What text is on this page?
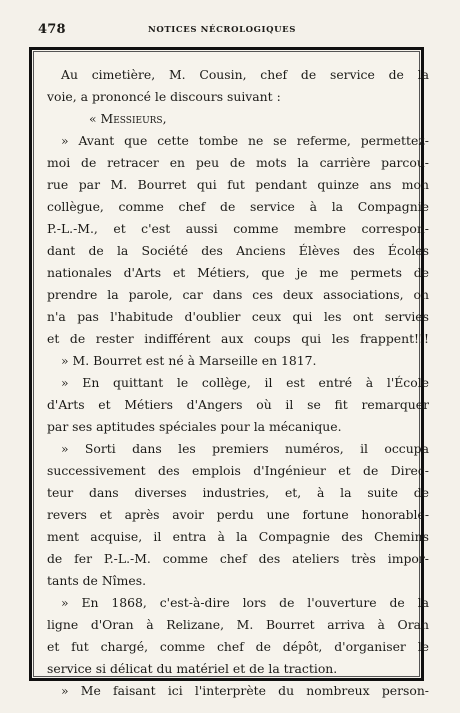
478	NOTICES NÉCROLOGIQUES
Au cimetière, M. Cousin, chef de service de la
voie, a prononcé le discours suivant :
« Messieurs,
» Avant que cette tombe ne se referme, permettez-
moi de retracer en peu de mots la carrière parcou-
rue par M. Bourret qui fut pendant quinze ans mon
collègue, comme chef de service à la Compagnie
P.-L.-M., et c'est aussi comme membre correspon-
dant de la Société des Anciens Élèves des Écoles
nationales d'Arts et Métiers, que je me permets de
prendre la parole, car dans ces deux associations, on
n'a pas l'habitude d'oublier ceux qui les ont servies
et de rester indifférent aux coups qui les frappent!!!
» M. Bourret est né à Marseille en 1817.
» En quittant le collège, il est entré à l'École
d'Arts et Métiers d'Angers où il se fit remarquer
par ses aptitudes spéciales pour la mécanique.
» Sorti dans les premiers numéros, il occupa
successivement des emplois d'Ingénieur et de Direc-
teur dans diverses industries, et, à la suite de
revers et après avoir perdu une fortune honorable-
ment acquise, il entra à la Compagnie des Chemins
de fer P.-L.-M. comme chef des ateliers très impor-
tants de Nîmes.
» En 1868, c'est-à-dire lors de l'ouverture de la
ligne d'Oran à Relizane, M. Bourret arriva à Oran
et fut chargé, comme chef de dépôt, d'organiser le
service si délicat du matériel et de la traction.
» Me faisant ici l'interprète du nombreux person-
